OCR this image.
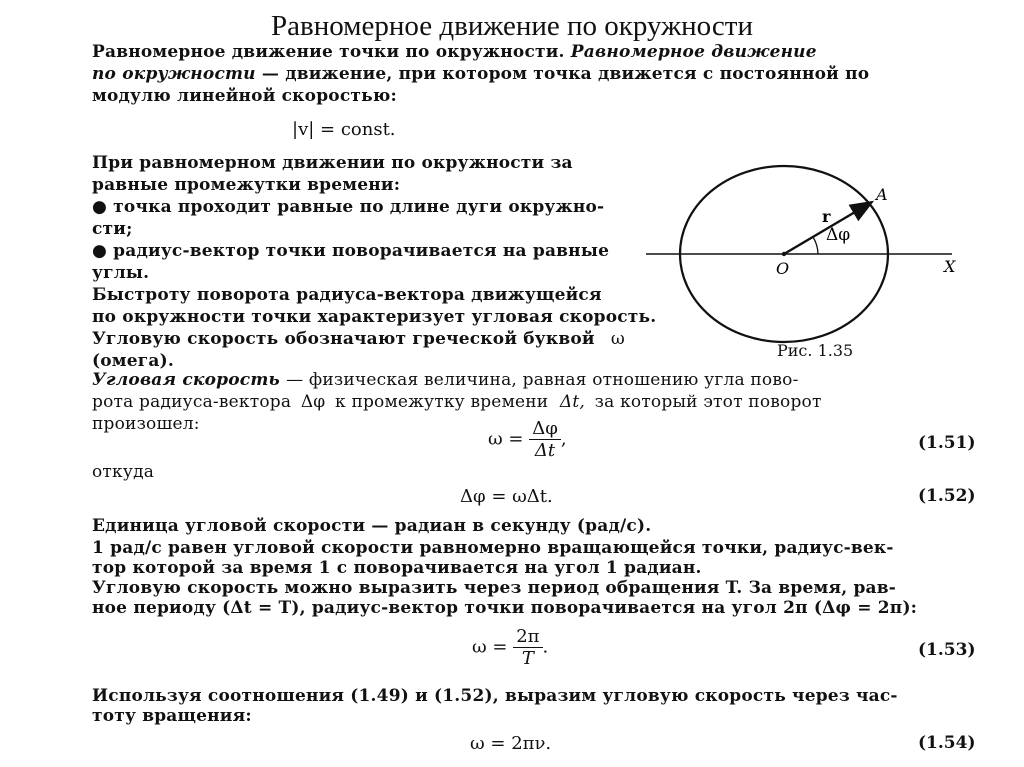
Равномерное движение по окружности
Равномерное движение точки по окружности. Равномерное движение
по окружности — движение, при котором точка движется с постоянной по
модулю линейной скоростью:
|v| = const.
При равномерном движении по окружности за
равные промежутки времени:
● точка проходит равные по длине дуги окружно-
сти;
● радиус-вектор точки поворачивается на равные
углы.
Быстроту поворота радиуса-вектора движущейся
по окружности точки характеризует угловая скорость.
Угловую скорость обозначают греческой буквой ω
(омега).
A
r
Δφ
O	X
Рис. 1.35
Угловая скорость — физическая величина, равная отношению угла пово-
рота радиуса-вектора Δφ к промежутку времени Δt, за который этот поворот
произошел:
$\omega = \frac{\Delta\varphi}{\Delta t}$ ,	(1.51)
откуда
Δφ = ωΔt.	(1.52)
Единица угловой скорости — радиан в секунду (рад/с).
1 рад/с равен угловой скорости равномерно вращающейся точки, радиус-век-
тор которой за время 1 с поворачивается на угол 1 радиан.
Угловую скорость можно выразить через период обращения T. За время, рав-
ное периоду (Δt = T), радиус-вектор точки поворачивается на угол 2π (Δφ = 2π):
$\omega = \frac{2\pi}{T}$ .	(1.53)
Используя соотношения (1.49) и (1.52), выразим угловую скорость через час-
тоту вращения:
ω = 2πν.	(1.54)
